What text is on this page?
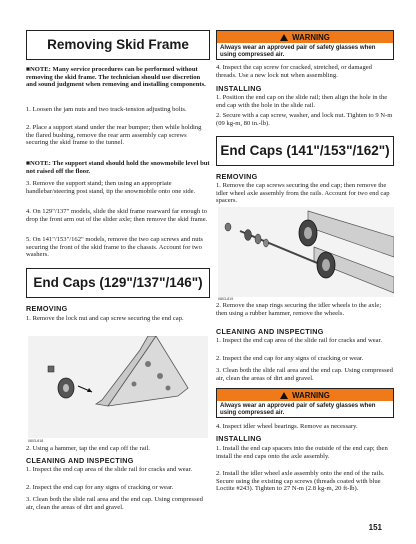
Removing Skid Frame
■NOTE: Many service procedures can be performed without removing the skid frame. The technician should use discretion and sound judgment when removing and installing components.
1. Loosen the jam nuts and two track-tension adjusting bolts.
2. Place a support stand under the rear bumper; then while holding the flared bushing, remove the rear arm assembly cap screws securing the skid frame to the tunnel.
■NOTE: The support stand should hold the snowmobile level but not raised off the floor.
3. Remove the support stand; then using an appropriate handlebar/steering post stand, tip the snowmobile onto one side.
4. On 129"/137" models, slide the skid frame rearward far enough to drop the front arm out of the slider axle; then remove the skid frame.
5. On 141"/153"/162" models, remove the two cap screws and nuts securing the front of the skid frame to the chassis. Account for two washers.
End Caps (129"/137"/146")
REMOVING
1. Remove the lock nut and cap screw securing the end cap.
0803-818
2. Using a hammer, tap the end cap off the rail.
CLEANING AND INSPECTING
1. Inspect the end cap area of the slide rail for cracks and wear.
2. Inspect the end cap for any signs of cracking or wear.
3. Clean both the slide rail area and the end cap. Using compressed air, clean the areas of dirt and gravel.
WARNING
Always wear an approved pair of safety glasses when using compressed air.
4. Inspect the cap screw for cracked, stretched, or damaged threads. Use a new lock nut when assembling.
INSTALLING
1. Position the end cap on the slide rail; then align the hole in the end cap with the hole in the slide rail.
2. Secure with a cap screw, washer, and lock nut. Tighten to 9 N-m (09 kg-m, 80 in.-lb).
End Caps (141"/153"/162")
REMOVING
1. Remove the cap screws securing the end cap; then remove the idler wheel axle assembly from the rails. Account for two end cap spacers.
0803-819
2. Remove the snap rings securing the idler wheels to the axle; then using a rubber hammer, remove the wheels.
CLEANING AND INSPECTING
1. Inspect the end cap area of the slide rail for cracks and wear.
2. Inspect the end cap for any signs of cracking or wear.
3. Clean both the slide rail area and the end cap. Using compressed air, clean the areas of dirt and gravel.
WARNING
Always wear an approved pair of safety glasses when using compressed air.
4. Inspect idler wheel bearings. Remove as necessary.
INSTALLING
1. Install the end cap spacers into the outside of the end cap; then install the end caps onto the axle assembly.
2. Install the idler wheel axle assembly onto the end of the rails. Secure using the existing cap screws (threads coated with blue Loctite #243). Tighten to 27 N-m (2.8 kg-m, 20 ft-lb).
151
